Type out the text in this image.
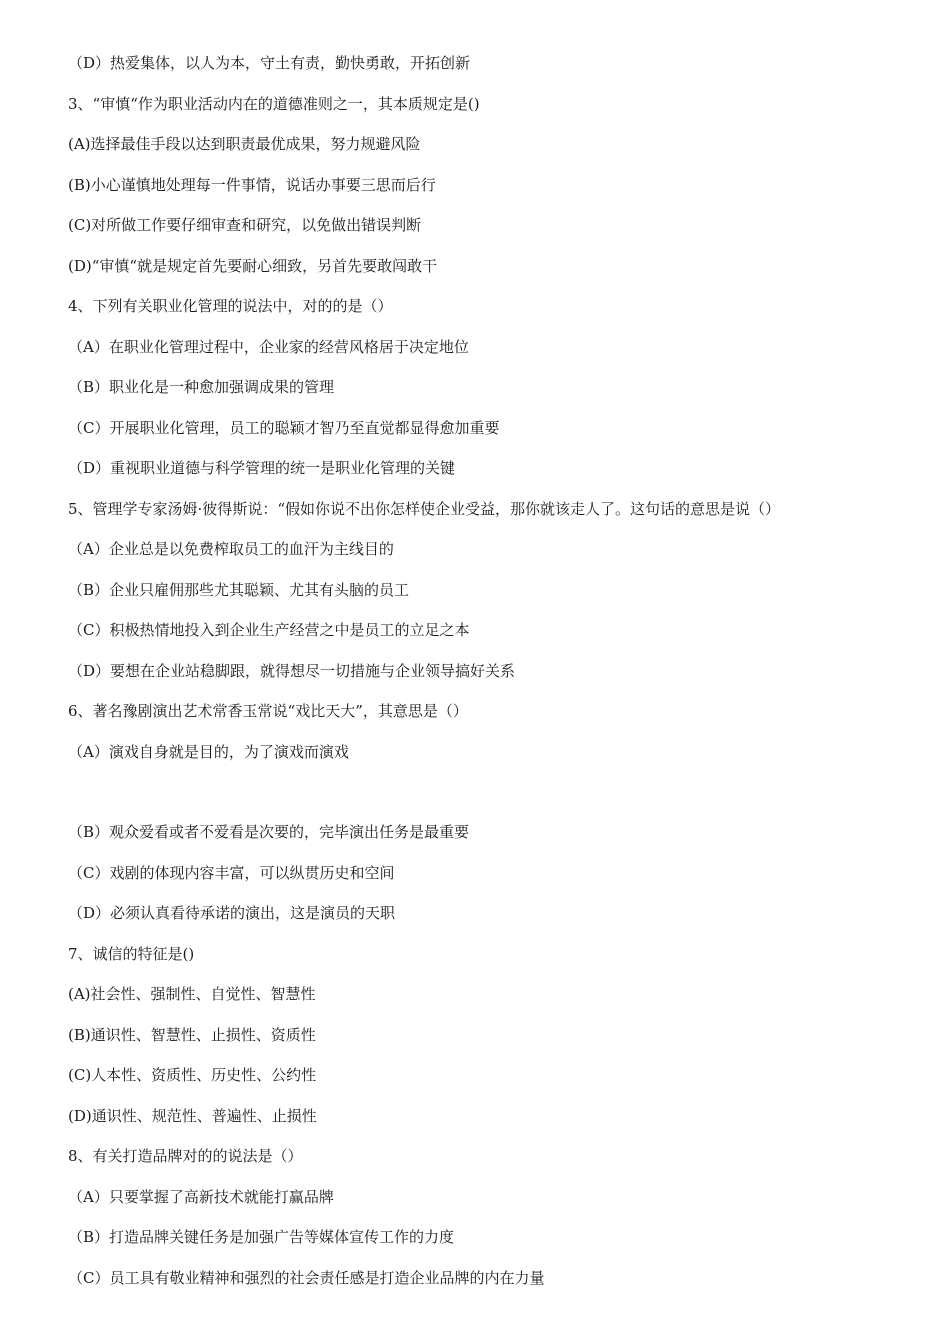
（D）热爱集体，以人为本，守土有责，勤快勇敢，开拓创新
3、“审慎“作为职业活动内在的道德准则之一，其本质规定是()
(A)选择最佳手段以达到职责最优成果，努力规避风险
(B)小心谨慎地处理每一件事情，说话办事要三思而后行
(C)对所做工作要仔细审查和研究，以免做出错误判断
(D)“审慎“就是规定首先要耐心细致，另首先要敢闯敢干
4、下列有关职业化管理的说法中，对的的是（）
（A）在职业化管理过程中，企业家的经营风格居于决定地位
（B）职业化是一种愈加强调成果的管理
（C）开展职业化管理，员工的聪颖才智乃至直觉都显得愈加重要
（D）重视职业道德与科学管理的统一是职业化管理的关键
5、管理学专家汤姆·彼得斯说：“假如你说不出你怎样使企业受益，那你就该走人了。这句话的意思是说（）
（A）企业总是以免费榨取员工的血汗为主线目的
（B）企业只雇佣那些尤其聪颖、尤其有头脑的员工
（C）积极热情地投入到企业生产经营之中是员工的立足之本
（D）要想在企业站稳脚跟，就得想尽一切措施与企业领导搞好关系
6、著名豫剧演出艺术常香玉常说“戏比天大”，其意思是（）
（A）演戏自身就是目的，为了演戏而演戏
（B）观众爱看或者不爱看是次要的，完毕演出任务是最重要
（C）戏剧的体现内容丰富，可以纵贯历史和空间
（D）必须认真看待承诺的演出，这是演员的天职
7、诚信的特征是()
(A)社会性、强制性、自觉性、智慧性
(B)通识性、智慧性、止损性、资质性
(C)人本性、资质性、历史性、公约性
(D)通识性、规范性、普遍性、止损性
8、有关打造品牌对的的说法是（）
（A）只要掌握了高新技术就能打赢品牌
（B）打造品牌关键任务是加强广告等媒体宣传工作的力度
（C）员工具有敬业精神和强烈的社会责任感是打造企业品牌的内在力量
